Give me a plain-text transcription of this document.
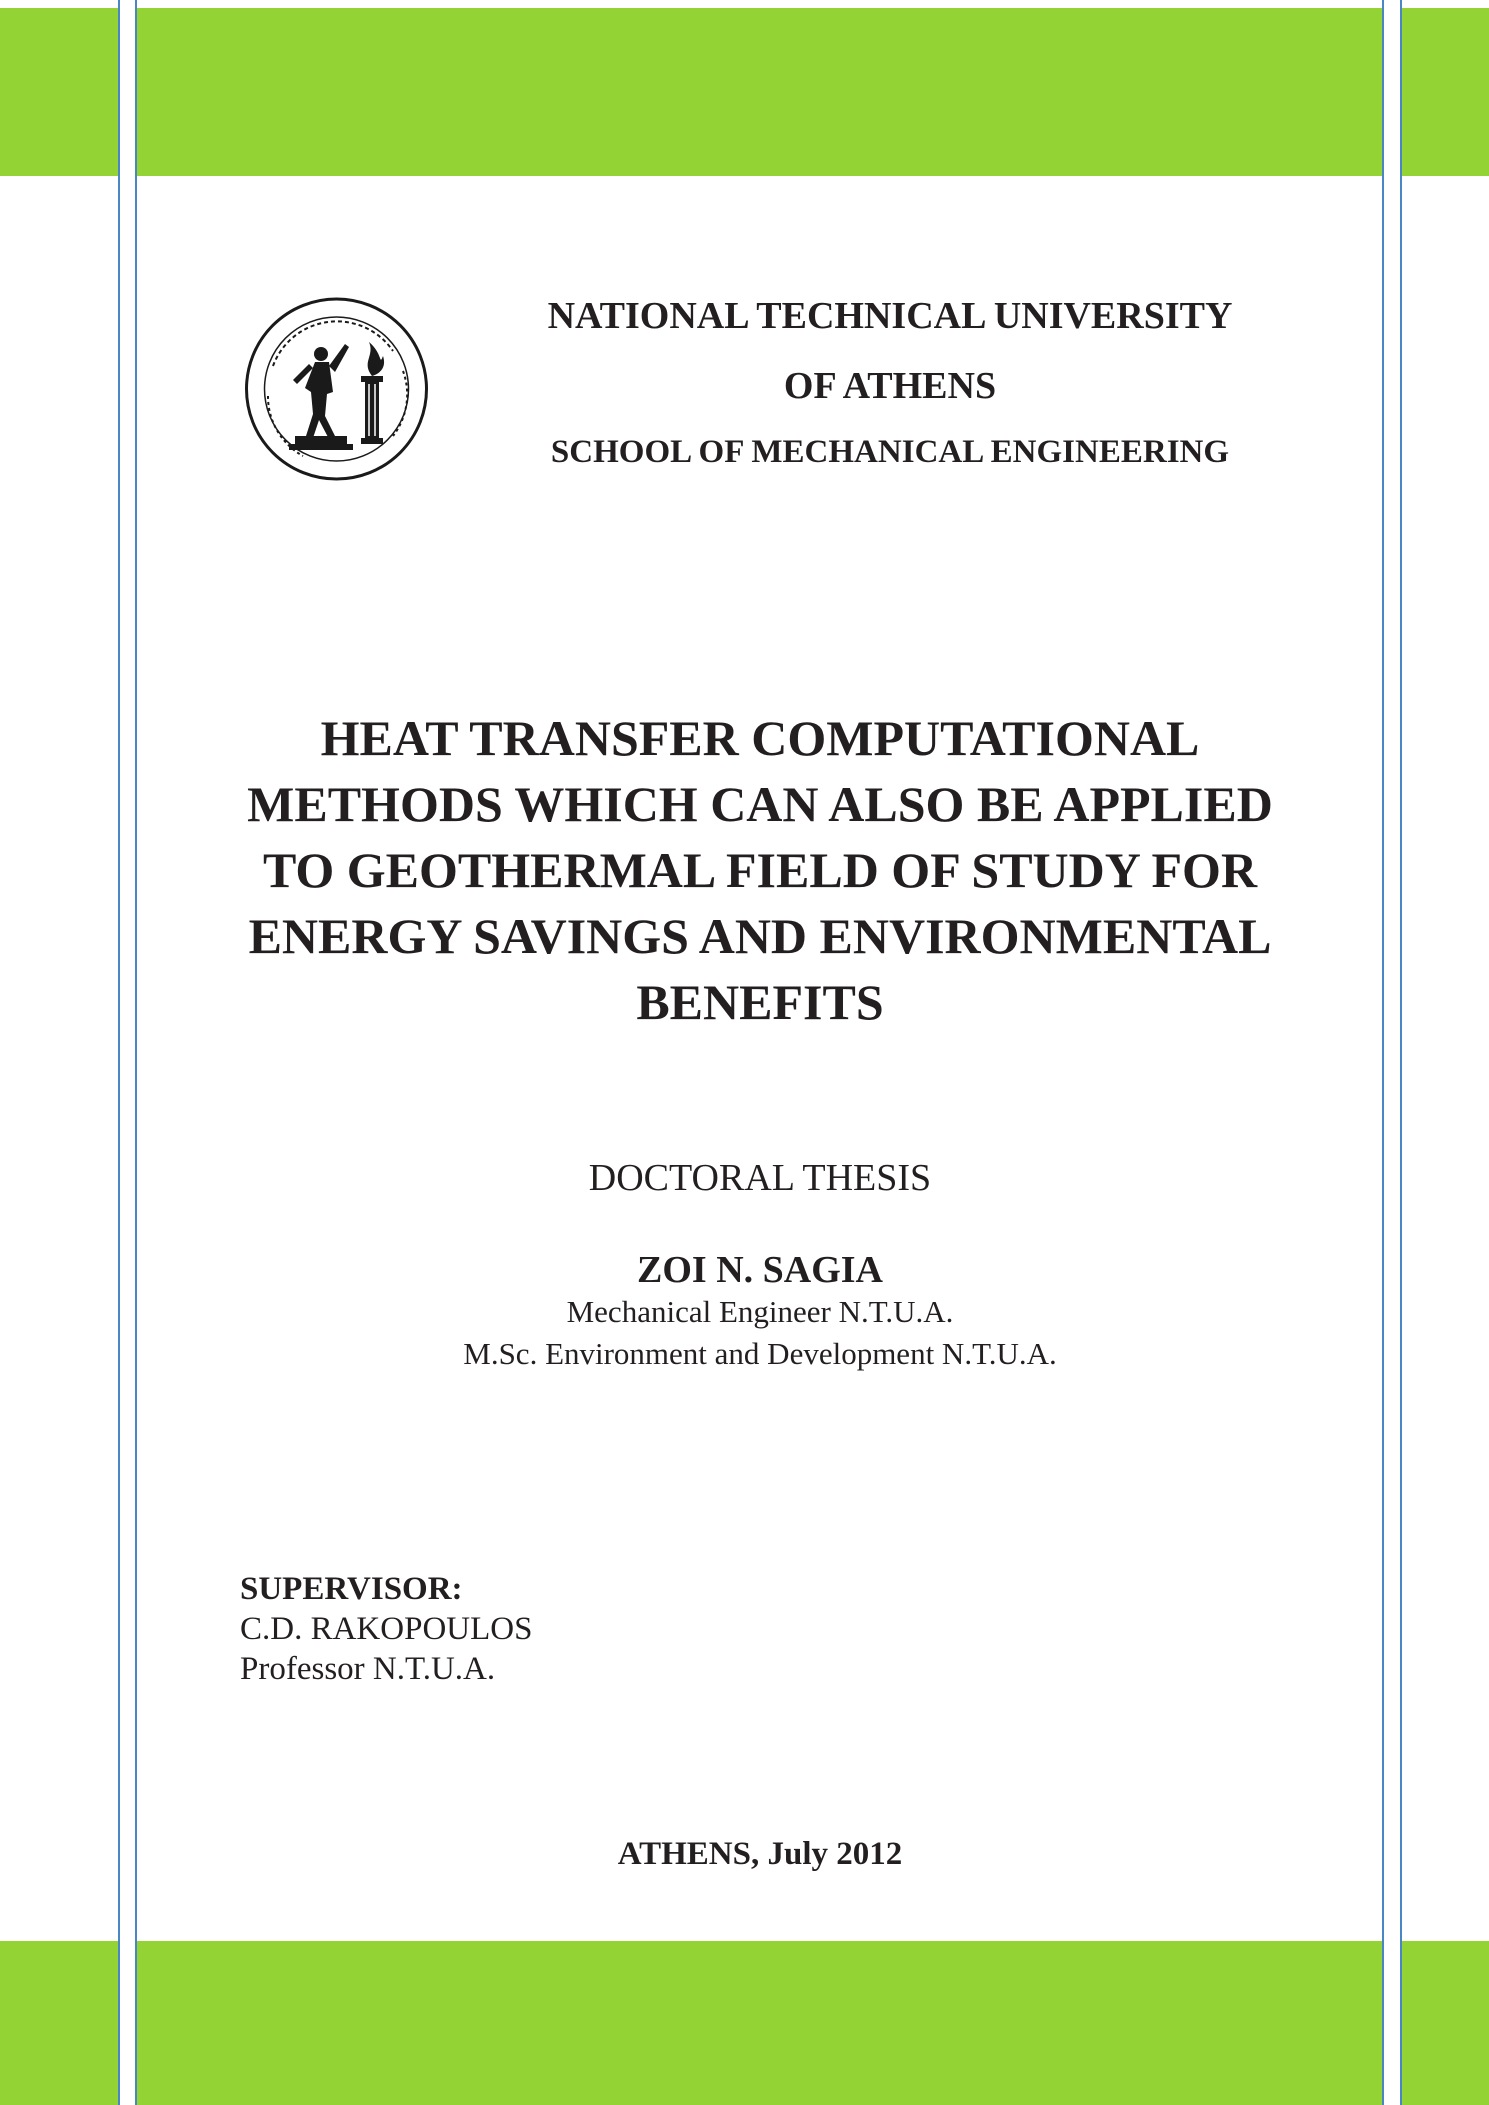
NATIONAL TECHNICAL UNIVERSITY
OF ATHENS
SCHOOL OF MECHANICAL ENGINEERING
HEAT TRANSFER COMPUTATIONAL
METHODS WHICH CAN ALSO BE APPLIED
TO GEOTHERMAL FIELD OF STUDY FOR
ENERGY SAVINGS AND ENVIRONMENTAL
BENEFITS
DOCTORAL THESIS
ZOI N. SAGIA
Mechanical Engineer N.T.U.A.
M.Sc. Environment and Development N.T.U.A.
SUPERVISOR:
C.D. RAKOPOULOS
Professor N.T.U.A.
ATHENS, July 2012
